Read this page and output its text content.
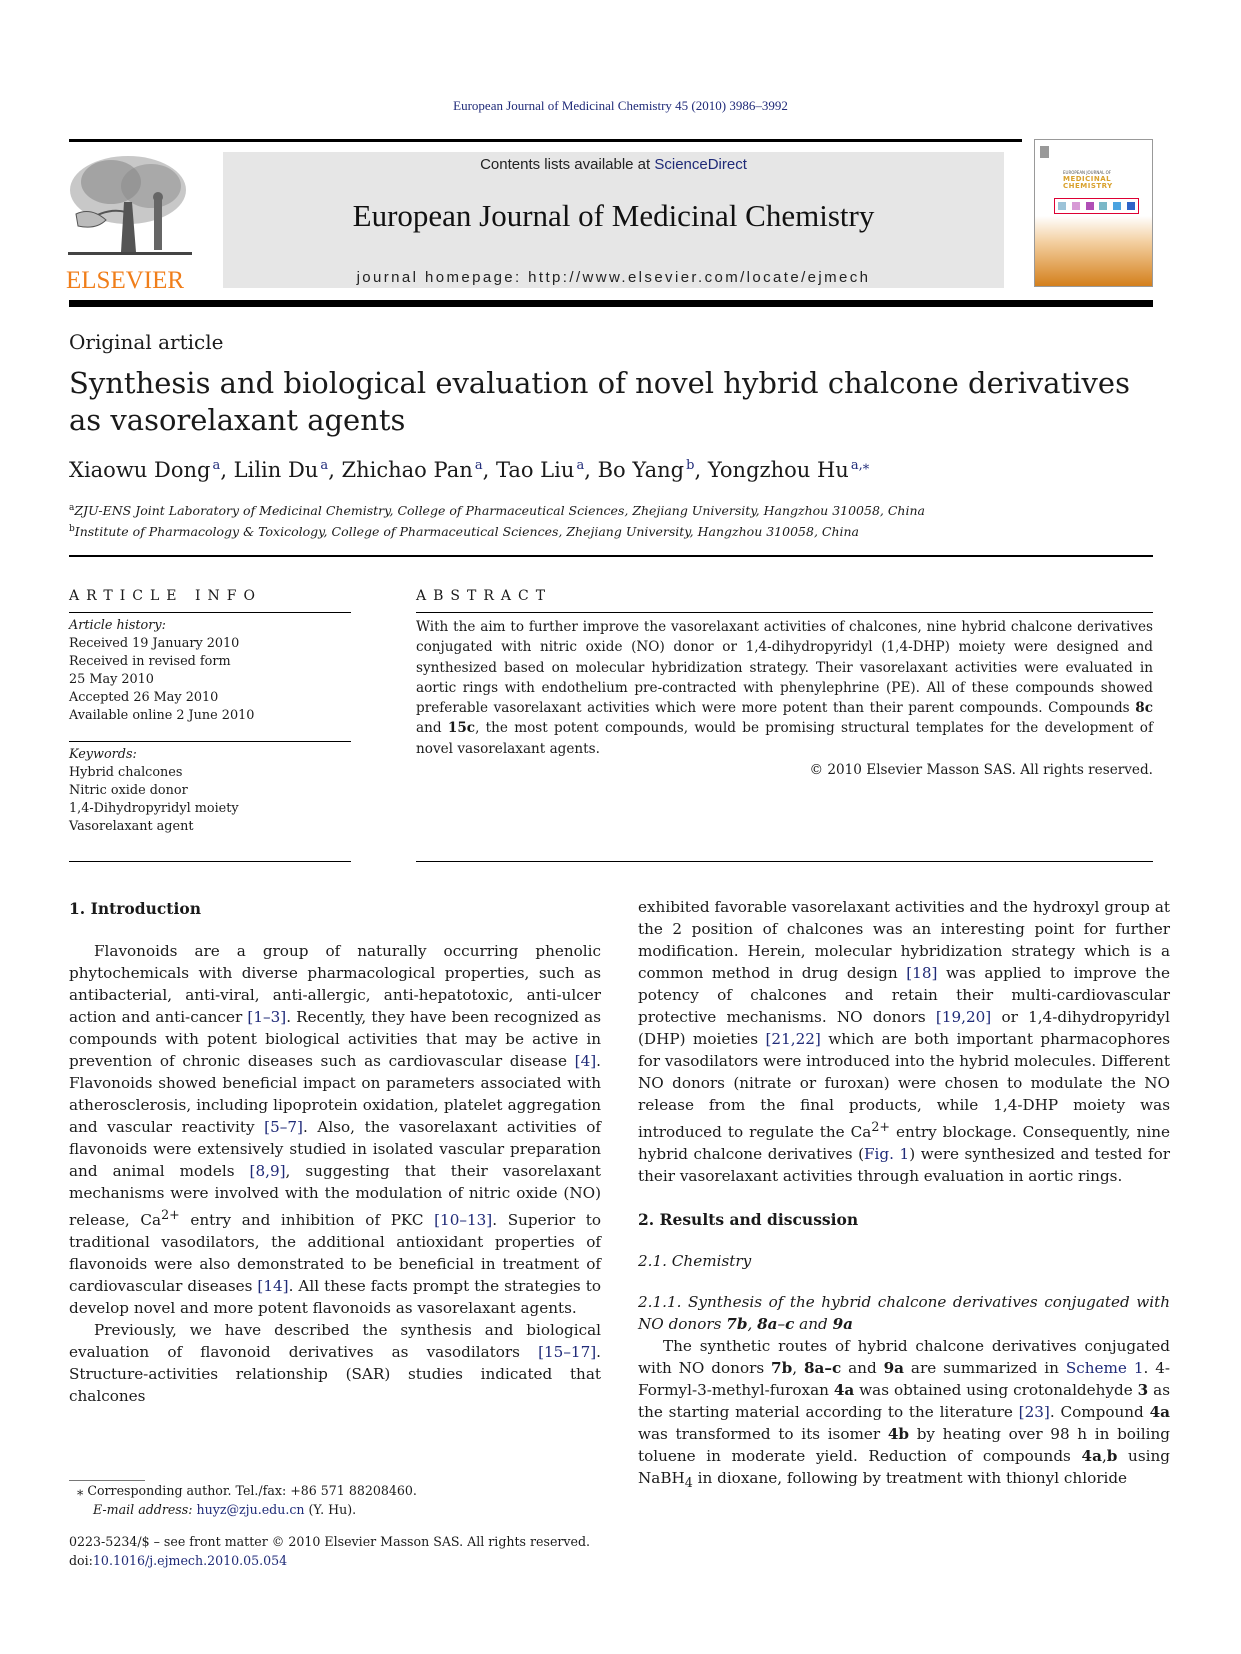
European Journal of Medicinal Chemistry 45 (2010) 3986–3992
ELSEVIER
Contents lists available at ScienceDirect
European Journal of Medicinal Chemistry
journal homepage: http://www.elsevier.com/locate/ejmech
EUROPEAN JOURNAL OF
MEDICINAL
CHEMISTRY
Original article
Synthesis and biological evaluation of novel hybrid chalcone derivatives as vasorelaxant agents
Xiaowu Dong  $^a$, Lilin Du  $^a$, Zhichao Pan  $^a$, Tao Liu  $^a$, Bo Yang  $^b$, Yongzhou Hu  $^{a,⁎}$
$^a$ZJU-ENS Joint Laboratory of Medicinal Chemistry, College of Pharmaceutical Sciences, Zhejiang University, Hangzhou 310058, China
$^b$Institute of Pharmacology & Toxicology, College of Pharmaceutical Sciences, Zhejiang University, Hangzhou 310058, China
ARTICLE INFO	ABSTRACT
Article history:
Received 19 January 2010
Received in revised form
25 May 2010
Accepted 26 May 2010
Available online 2 June 2010
Keywords:
Hybrid chalcones
Nitric oxide donor
1,4-Dihydropyridyl moiety
Vasorelaxant agent

With the aim to further improve the vasorelaxant activities of chalcones, nine hybrid chalcone derivatives conjugated with nitric oxide (NO) donor or 1,4-dihydropyridyl (1,4-DHP) moiety were designed and synthesized based on molecular hybridization strategy. Their vasorelaxant activities were evaluated in aortic rings with endothelium pre-contracted with phenylephrine (PE). All of these compounds showed preferable vasorelaxant activities which were more potent than their parent compounds. Compounds 8c and 15c, the most potent compounds, would be promising structural templates for the development of novel vasorelaxant agents.

© 2010 Elsevier Masson SAS. All rights reserved.
1. Introduction

Flavonoids are a group of naturally occurring phenolic phytochemicals with diverse pharmacological properties, such as antibacterial, anti-viral, anti-allergic, anti-hepatotoxic, anti-ulcer action and anti-cancer [1–3]. Recently, they have been recognized as compounds with potent biological activities that may be active in prevention of chronic diseases such as cardiovascular disease [4]. Flavonoids showed beneficial impact on parameters associated with atherosclerosis, including lipoprotein oxidation, platelet aggregation and vascular reactivity [5–7]. Also, the vasorelaxant activities of flavonoids were extensively studied in isolated vascular preparation and animal models [8,9], suggesting that their vasorelaxant mechanisms were involved with the modulation of nitric oxide (NO) release, $Ca^{2+}$ entry and inhibition of PKC [10–13]. Superior to traditional vasodilators, the additional antioxidant properties of flavonoids were also demonstrated to be beneficial in treatment of cardiovascular diseases [14]. All these facts prompt the strategies to develop novel and more potent flavonoids as vasorelaxant agents.

Previously, we have described the synthesis and biological evaluation of flavonoid derivatives as vasodilators [15–17]. Structure-activities relationship (SAR) studies indicated that chalcones

exhibited favorable vasorelaxant activities and the hydroxyl group at the 2 position of chalcones was an interesting point for further modification. Herein, molecular hybridization strategy which is a common method in drug design [18] was applied to improve the potency of chalcones and retain their multi-cardiovascular protective mechanisms. NO donors [19,20] or 1,4-dihydropyridyl (DHP) moieties [21,22] which are both important pharmacophores for vasodilators were introduced into the hybrid molecules. Different NO donors (nitrate or furoxan) were chosen to modulate the NO release from the final products, while 1,4-DHP moiety was introduced to regulate the $Ca^{2+}$ entry blockage. Consequently, nine hybrid chalcone derivatives (Fig. 1) were synthesized and tested for their vasorelaxant activities through evaluation in aortic rings.

2. Results and discussion
2.1. Chemistry
2.1.1. Synthesis of the hybrid chalcone derivatives conjugated with NO donors 7b, 8a–c and 9a

The synthetic routes of hybrid chalcone derivatives conjugated with NO donors 7b, 8a–c and 9a are summarized in Scheme 1. 4-Formyl-3-methyl-furoxan 4a was obtained using crotonaldehyde 3 as the starting material according to the literature [23]. Compound 4a was transformed to its isomer 4b by heating over 98 h in boiling toluene in moderate yield. Reduction of compounds 4a,b using NaBH$_4$ in dioxane, following by treatment with thionyl chloride

⁎ Corresponding author. Tel./fax: +86 571 88208460.
E-mail address: huyz@zju.edu.cn (Y. Hu).
0223-5234/$ – see front matter © 2010 Elsevier Masson SAS. All rights reserved.
doi:10.1016/j.ejmech.2010.05.054
